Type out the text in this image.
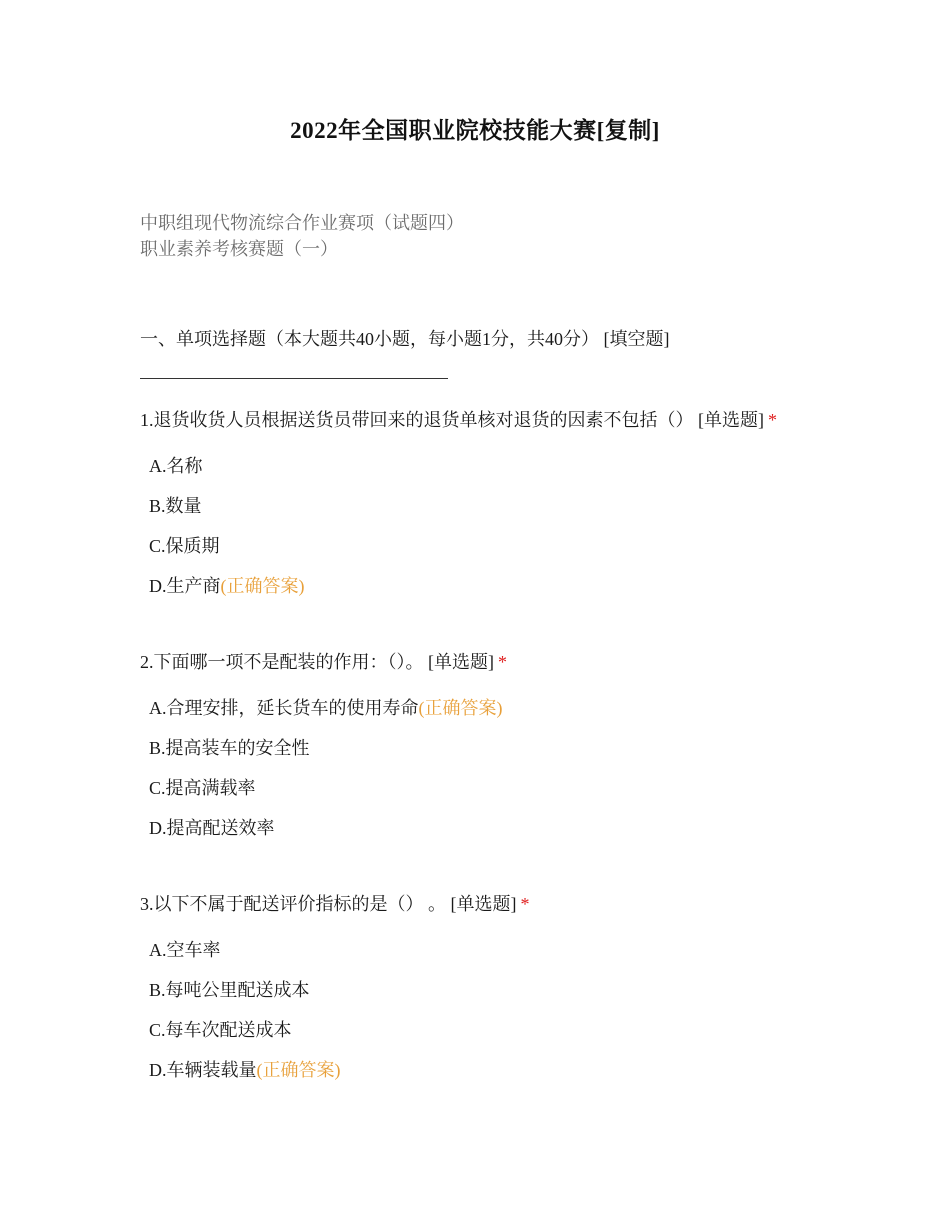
2022年全国职业院校技能大赛[复制]
中职组现代物流综合作业赛项（试题四）
职业素养考核赛题（一）
一、单项选择题（本大题共40小题，每小题1分，共40分） [填空题]
1.退货收货人员根据送货员带回来的退货单核对退货的因素不包括（） [单选题] *
A.名称
B.数量
C.保质期
D.生产商(正确答案)
2.下面哪一项不是配装的作用：（）。 [单选题] *
A.合理安排，延长货车的使用寿命(正确答案)
B.提高装车的安全性
C.提高满载率
D.提高配送效率
3.以下不属于配送评价指标的是（） 。 [单选题] *
A.空车率
B.每吨公里配送成本
C.每车次配送成本
D.车辆装载量(正确答案)
